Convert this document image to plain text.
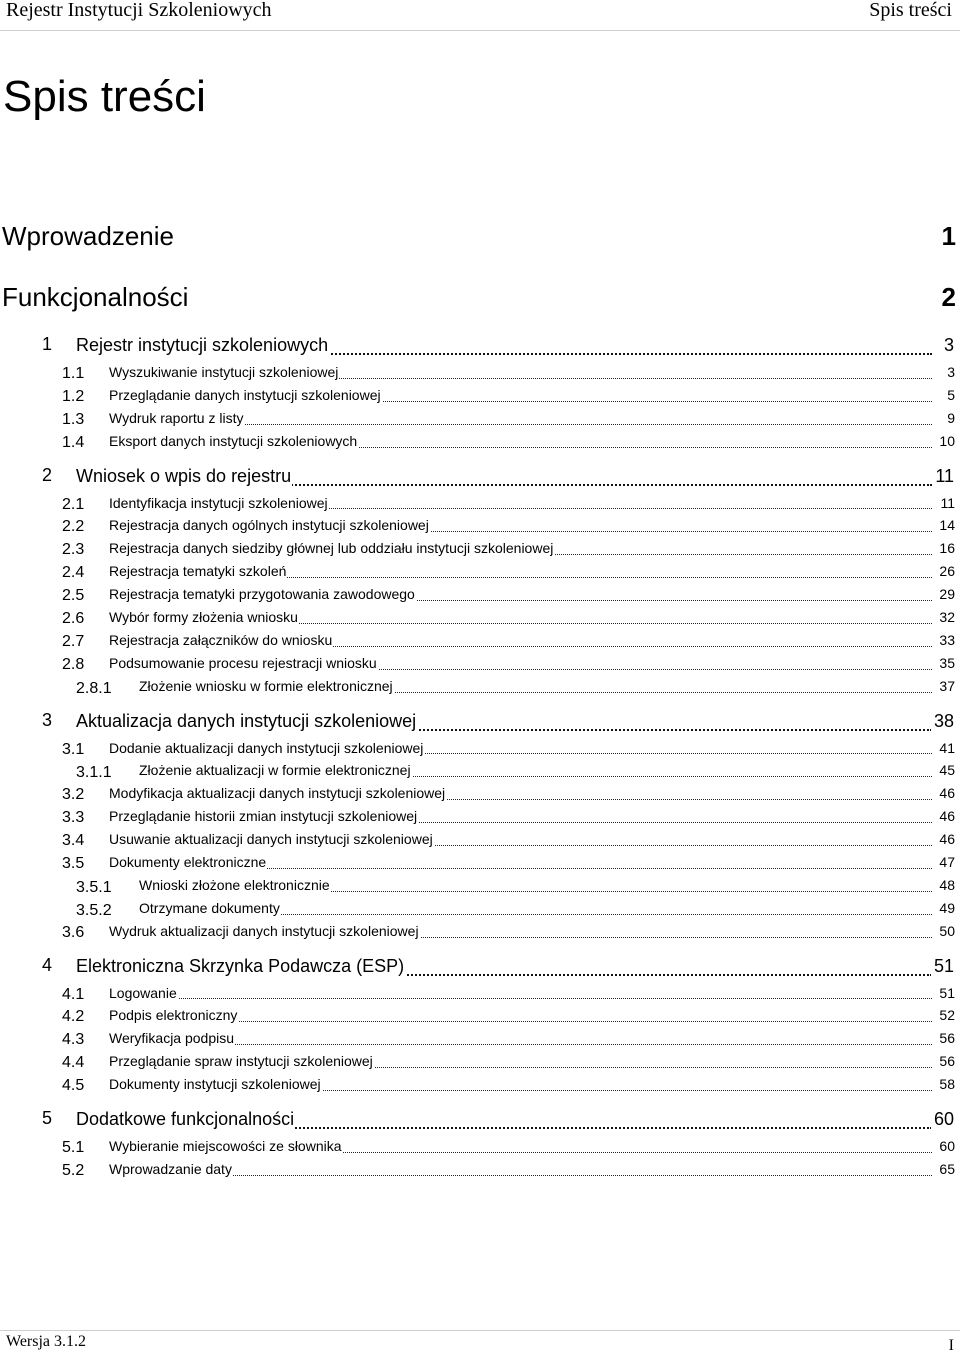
Rejestr Instytucji Szkoleniowych	Spis treści
Spis treści
Wprowadzenie	1
Funkcjonalności	2
1 Rejestr instytucji szkoleniowych	3
1.1 Wyszukiwanie instytucji szkoleniowej	3
1.2 Przeglądanie danych instytucji szkoleniowej	5
1.3 Wydruk raportu z listy	9
1.4 Eksport danych instytucji szkoleniowych	10
2 Wniosek o wpis do rejestru	11
2.1 Identyfikacja instytucji szkoleniowej	11
2.2 Rejestracja danych ogólnych instytucji szkoleniowej	14
2.3 Rejestracja danych siedziby głównej lub oddziału instytucji szkoleniowej	16
2.4 Rejestracja tematyki szkoleń	26
2.5 Rejestracja tematyki przygotowania zawodowego	29
2.6 Wybór formy złożenia wniosku	32
2.7 Rejestracja załączników do wniosku	33
2.8 Podsumowanie procesu rejestracji wniosku	35
2.8.1 Złożenie wniosku w formie elektronicznej	37
3 Aktualizacja danych instytucji szkoleniowej	38
3.1 Dodanie aktualizacji danych instytucji szkoleniowej	41
3.1.1 Złożenie aktualizacji w formie elektronicznej	45
3.2 Modyfikacja aktualizacji danych instytucji szkoleniowej	46
3.3 Przeglądanie historii zmian instytucji szkoleniowej	46
3.4 Usuwanie aktualizacji danych instytucji szkoleniowej	46
3.5 Dokumenty elektroniczne	47
3.5.1 Wnioski złożone elektronicznie	48
3.5.2 Otrzymane dokumenty	49
3.6 Wydruk aktualizacji danych instytucji szkoleniowej	50
4 Elektroniczna Skrzynka Podawcza (ESP)	51
4.1 Logowanie	51
4.2 Podpis elektroniczny	52
4.3 Weryfikacja podpisu	56
4.4 Przeglądanie spraw instytucji szkoleniowej	56
4.5 Dokumenty instytucji szkoleniowej	58
5 Dodatkowe funkcjonalności	60
5.1 Wybieranie miejscowości ze słownika	60
5.2 Wprowadzanie daty	65
Wersja 3.1.2	I
